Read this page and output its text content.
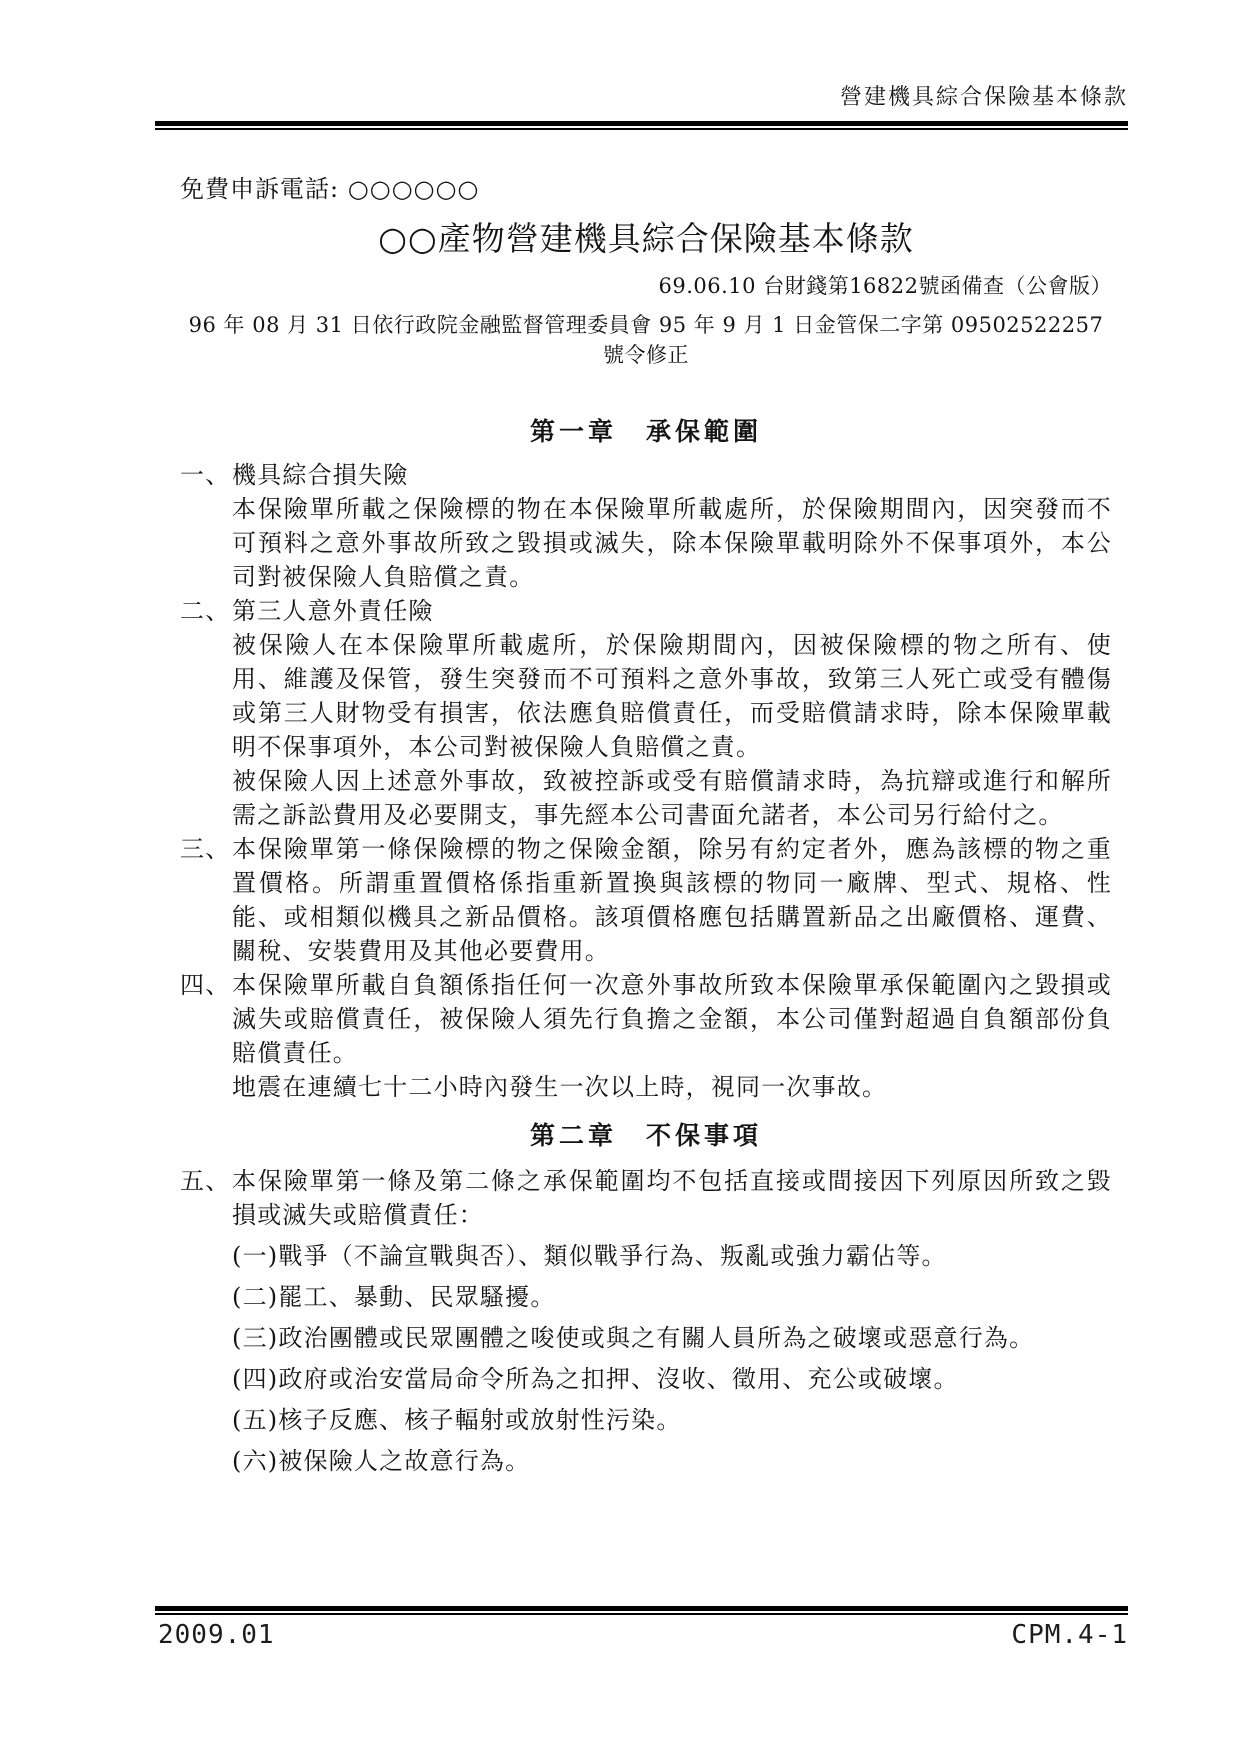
營建機具綜合保險基本條款
免費申訴電話: ○○○○○○
○○產物營建機具綜合保險基本條款
69.06.10 台財錢第16822號函備查（公會版）
96 年 08 月 31 日依行政院金融監督管理委員會 95 年 9 月 1 日金管保二字第 09502522257 號令修正
第一章　承保範圍
一、 機具綜合損失險

本保險單所載之保險標的物在本保險單所載處所，於保險期間內，因突發而不可預料之意外事故所致之毀損或滅失，除本保險單載明除外不保事項外，本公司對被保險人負賠償之責。

二、 第三人意外責任險

被保險人在本保險單所載處所，於保險期間內，因被保險標的物之所有、使用、維護及保管，發生突發而不可預料之意外事故，致第三人死亡或受有體傷或第三人財物受有損害，依法應負賠償責任，而受賠償請求時，除本保險單載明不保事項外，本公司對被保險人負賠償之責。

被保險人因上述意外事故，致被控訴或受有賠償請求時，為抗辯或進行和解所需之訴訟費用及必要開支，事先經本公司書面允諾者，本公司另行給付之。

三、 本保險單第一條保險標的物之保險金額，除另有約定者外，應為該標的物之重置價格。所謂重置價格係指重新置換與該標的物同一廠牌、型式、規格、性能、或相類似機具之新品價格。該項價格應包括購置新品之出廠價格、運費、關稅、安裝費用及其他必要費用。

四、 本保險單所載自負額係指任何一次意外事故所致本保險單承保範圍內之毀損或滅失或賠償責任，被保險人須先行負擔之金額，本公司僅對超過自負額部份負賠償責任。

地震在連續七十二小時內發生一次以上時，視同一次事故。

第二章　不保事項
五、 本保險單第一條及第二條之承保範圍均不包括直接或間接因下列原因所致之毀損或滅失或賠償責任：

(一)戰爭（不論宣戰與否）、類似戰爭行為、叛亂或強力霸佔等。
(二)罷工、暴動、民眾騷擾。
(三)政治團體或民眾團體之唆使或與之有關人員所為之破壞或惡意行為。
(四)政府或治安當局命令所為之扣押、沒收、徵用、充公或破壞。
(五)核子反應、核子輻射或放射性污染。
(六)被保險人之故意行為。
2009.01	CPM.4-1
